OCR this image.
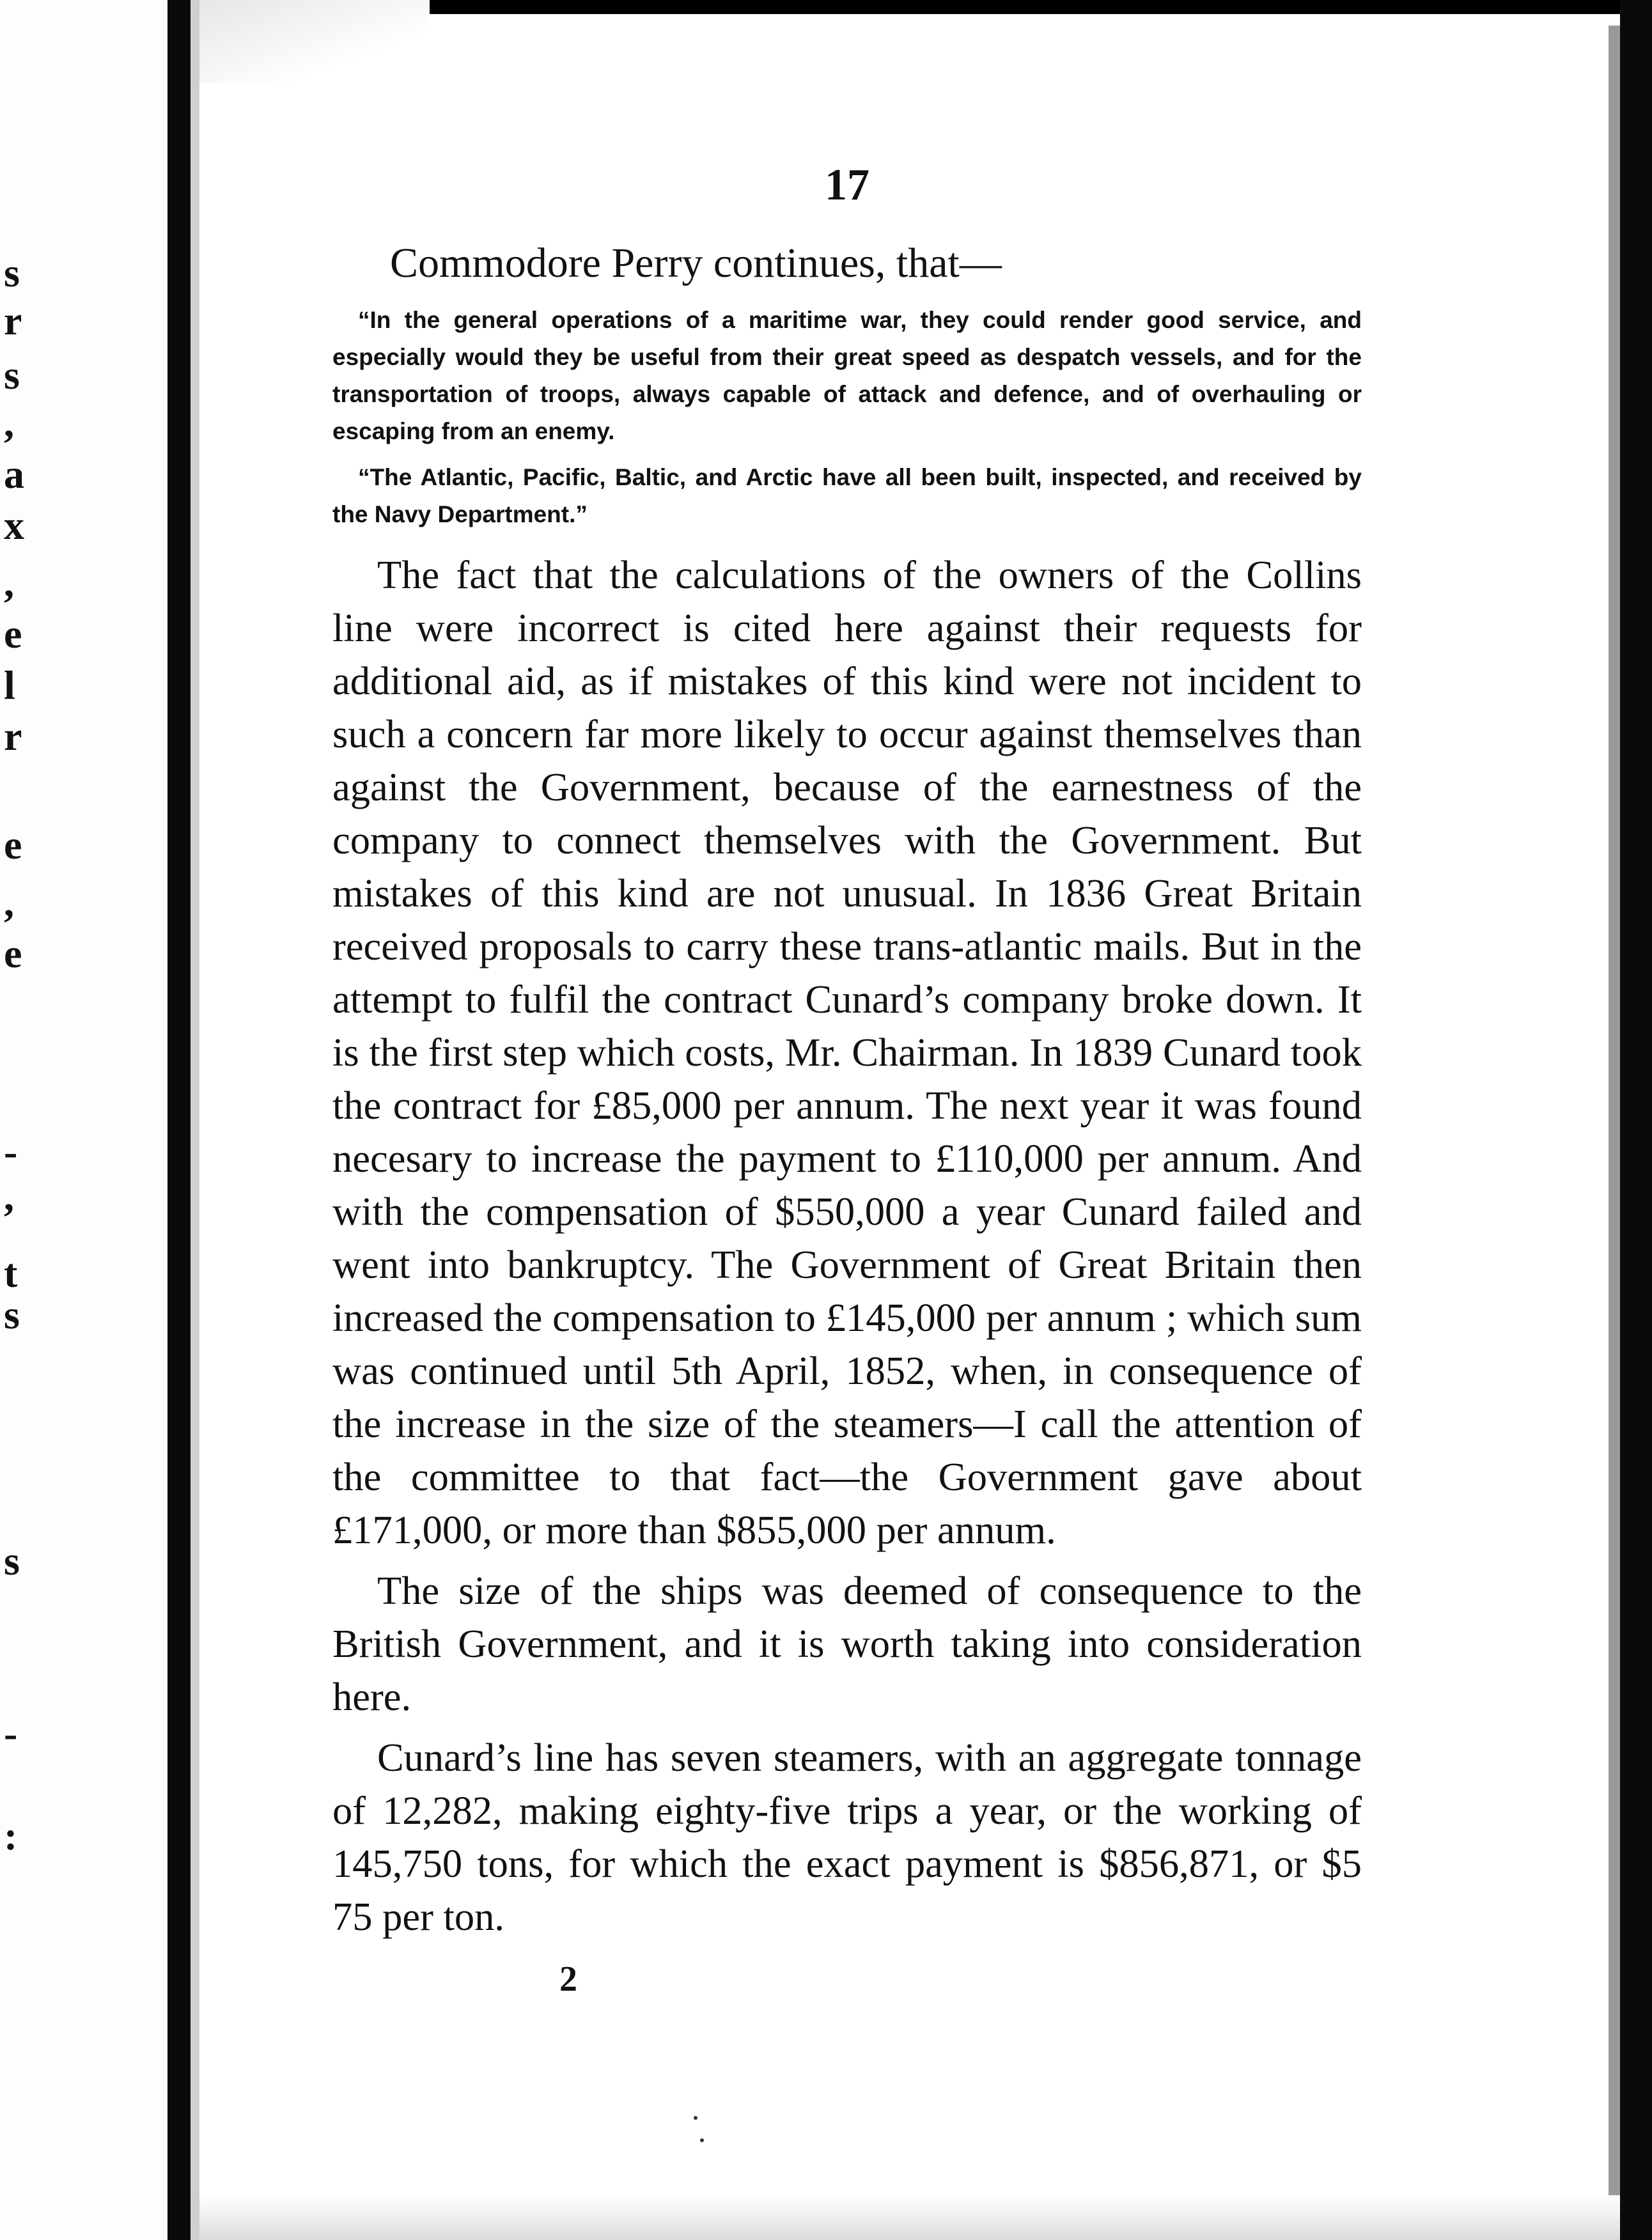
s
r
s
,
a
x
,
e
l
r
e
,
e
-
,
t
s
s
-
:
17

Commodore Perry continues, that—

“In the general operations of a maritime war, they could render good service, and especially would they be useful from their great speed as despatch vessels, and for the transportation of troops, always capable of attack and defence, and of overhauling or escaping from an enemy.

“The Atlantic, Pacific, Baltic, and Arctic have all been built, inspected, and received by the Navy Department.”

The fact that the calculations of the owners of the Collins line were incorrect is cited here against their requests for additional aid, as if mistakes of this kind were not incident to such a concern far more likely to occur against themselves than against the Government, because of the earnestness of the company to connect themselves with the Government. But mistakes of this kind are not unusual. In 1836 Great Britain received proposals to carry these trans-atlantic mails. But in the attempt to fulfil the contract Cunard’s company broke down. It is the first step which costs, Mr. Chairman. In 1839 Cunard took the contract for £85,000 per annum. The next year it was found necesary to increase the payment to £110,000 per annum. And with the compensation of $550,000 a year Cunard failed and went into bankruptcy. The Government of Great Britain then increased the compensation to £145,000 per annum ; which sum was continued until 5th April, 1852, when, in consequence of the increase in the size of the steamers—I call the attention of the committee to that fact—the Government gave about £171,000, or more than $855,000 per annum.

The size of the ships was deemed of consequence to the British Government, and it is worth taking into consideration here.

Cunard’s line has seven steamers, with an aggregate tonnage of 12,282, making eighty-five trips a year, or the working of 145,750 tons, for which the exact payment is $856,871, or $5 75 per ton.

2
